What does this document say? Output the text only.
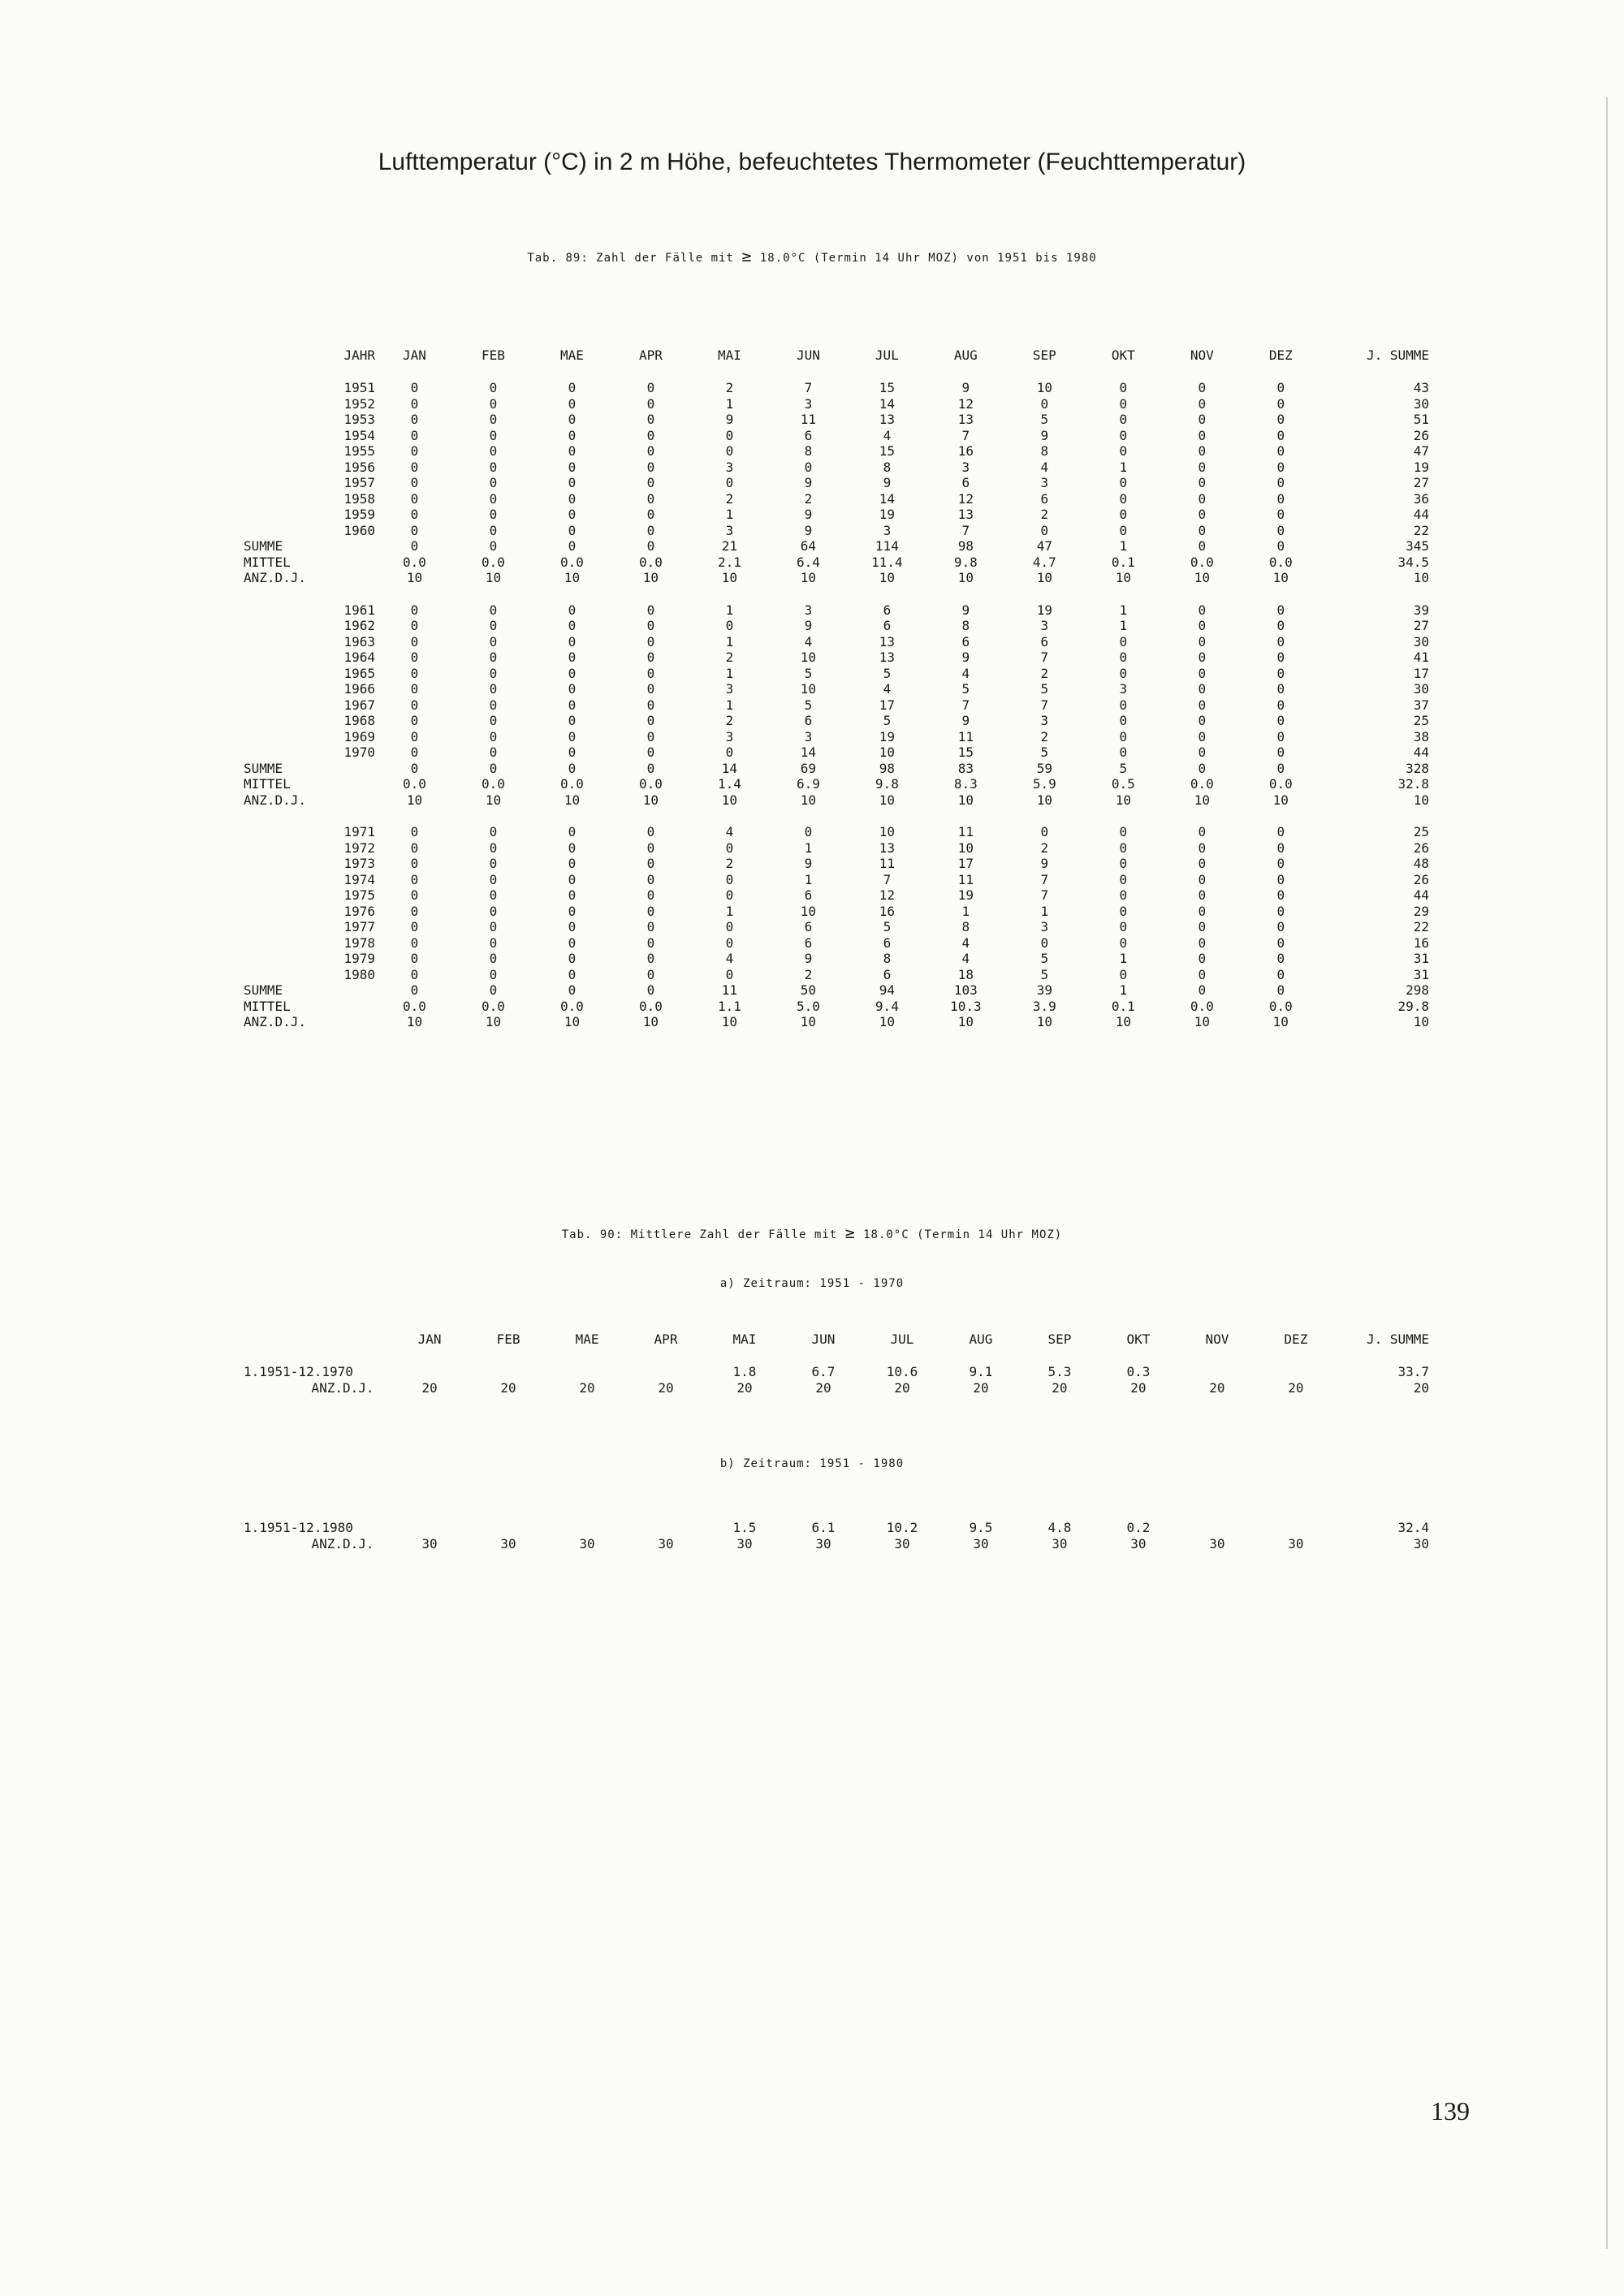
Lufttemperatur (°C) in 2 m Höhe, befeuchtetes Thermometer (Feuchttemperatur)
Tab. 89: Zahl der Fälle mit ≥ 18.0°C (Termin 14 Uhr MOZ) von 1951 bis 1980
JAHR	JAN	FEB	MAE	APR	MAI	JUN	JUL	AUG	SEP	OKT	NOV	DEZ	J. SUMME
1951	0	0	0	0	2	7	15	9	10	0	0	0	43
1952	0	0	0	0	1	3	14	12	0	0	0	0	30
1953	0	0	0	0	9	11	13	13	5	0	0	0	51
1954	0	0	0	0	0	6	4	7	9	0	0	0	26
1955	0	0	0	0	0	8	15	16	8	0	0	0	47
1956	0	0	0	0	3	0	8	3	4	1	0	0	19
1957	0	0	0	0	0	9	9	6	3	0	0	0	27
1958	0	0	0	0	2	2	14	12	6	0	0	0	36
1959	0	0	0	0	1	9	19	13	2	0	0	0	44
1960	0	0	0	0	3	9	3	7	0	0	0	0	22
SUMME	0	0	0	0	21	64	114	98	47	1	0	0	345
MITTEL	0.0	0.0	0.0	0.0	2.1	6.4	11.4	9.8	4.7	0.1	0.0	0.0	34.5
ANZ.D.J.	10	10	10	10	10	10	10	10	10	10	10	10	10

1961	0	0	0	0	1	3	6	9	19	1	0	0	39
1962	0	0	0	0	0	9	6	8	3	1	0	0	27
1963	0	0	0	0	1	4	13	6	6	0	0	0	30
1964	0	0	0	0	2	10	13	9	7	0	0	0	41
1965	0	0	0	0	1	5	5	4	2	0	0	0	17
1966	0	0	0	0	3	10	4	5	5	3	0	0	30
1967	0	0	0	0	1	5	17	7	7	0	0	0	37
1968	0	0	0	0	2	6	5	9	3	0	0	0	25
1969	0	0	0	0	3	3	19	11	2	0	0	0	38
1970	0	0	0	0	0	14	10	15	5	0	0	0	44
SUMME	0	0	0	0	14	69	98	83	59	5	0	0	328
MITTEL	0.0	0.0	0.0	0.0	1.4	6.9	9.8	8.3	5.9	0.5	0.0	0.0	32.8
ANZ.D.J.	10	10	10	10	10	10	10	10	10	10	10	10	10

1971	0	0	0	0	4	0	10	11	0	0	0	0	25
1972	0	0	0	0	0	1	13	10	2	0	0	0	26
1973	0	0	0	0	2	9	11	17	9	0	0	0	48
1974	0	0	0	0	0	1	7	11	7	0	0	0	26
1975	0	0	0	0	0	6	12	19	7	0	0	0	44
1976	0	0	0	0	1	10	16	1	1	0	0	0	29
1977	0	0	0	0	0	6	5	8	3	0	0	0	22
1978	0	0	0	0	0	6	6	4	0	0	0	0	16
1979	0	0	0	0	4	9	8	4	5	1	0	0	31
1980	0	0	0	0	0	2	6	18	5	0	0	0	31
SUMME	0	0	0	0	11	50	94	103	39	1	0	0	298
MITTEL	0.0	0.0	0.0	0.0	1.1	5.0	9.4	10.3	3.9	0.1	0.0	0.0	29.8
ANZ.D.J.	10	10	10	10	10	10	10	10	10	10	10	10	10
Tab. 90: Mittlere Zahl der Fälle mit ≥ 18.0°C (Termin 14 Uhr MOZ)
a) Zeitraum: 1951 - 1970
	JAN	FEB	MAE	APR	MAI	JUN	JUL	AUG	SEP	OKT	NOV	DEZ	J. SUMME
1.1951-12.1970					1.8	6.7	10.6	9.1	5.3	0.3			33.7
ANZ.D.J.	20	20	20	20	20	20	20	20	20	20	20	20	20
b) Zeitraum: 1951 - 1980
1.1951-12.1980					1.5	6.1	10.2	9.5	4.8	0.2			32.4
ANZ.D.J.	30	30	30	30	30	30	30	30	30	30	30	30	30
139
